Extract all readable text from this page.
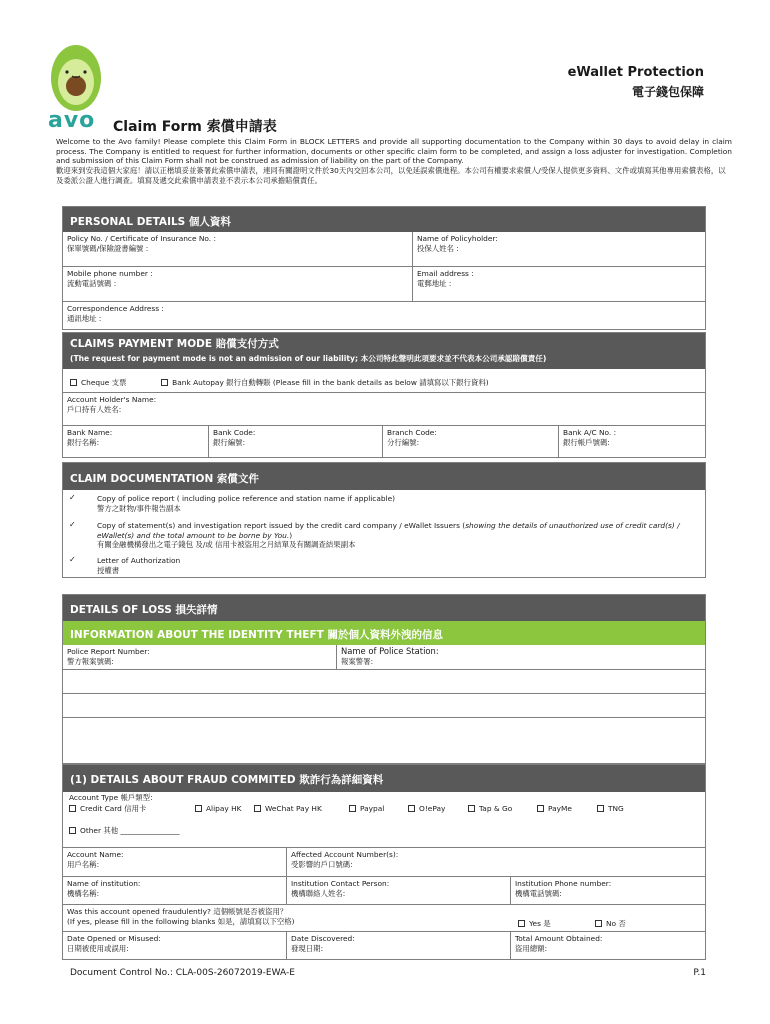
avo
eWallet Protection
電子錢包保障
Claim Form 索償申請表
Welcome to the Avo family! Please complete this Claim Form in BLOCK LETTERS and provide all supporting documentation to the Company within 30 days to avoid delay in claim process. The Company is entitled to request for further information, documents or other specific claim form to be completed, and assign a loss adjuster for investigation. Completion and submission of this Claim Form shall not be construed as admission of liability on the part of the Company.
歡迎來到安我這個大家庭！請以正楷填妥並簽署此索償申請表，連同有關證明文件於30天內交回本公司，以免延誤索償進程。本公司有權要求索償人/受保人提供更多資料、文件或填寫其他專用索償表格，以及委派公證人進行調查。填寫及遞交此索償申請表並不表示本公司承擔賠償責任。
PERSONAL DETAILS 個人資料
Policy No. / Certificate of Insurance No. :
保單號碼/保險證書編號 :
Name of Policyholder:
投保人姓名 :
Mobile phone number :
流動電話號碼 :
Email address :
電郵地址 :
Correspondence Address :
通訊地址 :
CLAIMS PAYMENT MODE 賠償支付方式
(The request for payment mode is not an admission of our liability; 本公司特此聲明此項要求並不代表本公司承認賠償責任)
Cheque 支票	Bank Autopay 銀行自動轉賬 (Please fill in the bank details as below 請填寫以下銀行資料)
Account Holder's Name:
戶口持有人姓名:
Bank Name:
銀行名稱:
Bank Code:
銀行編號:
Branch Code:
分行編號:
Bank A/C No. :
銀行帳戶號碼:
CLAIM DOCUMENTATION 索償文件
✓	Copy of police report ( including police reference and station name if applicable)
警方之財物/事件報告副本
✓	Copy of statement(s) and investigation report issued by the credit card company / eWallet Issuers (showing the details of unauthorized use of credit card(s) / eWallet(s) and the total amount to be borne by You.)
有關金融機構發出之電子錢包 及/或 信用卡被盜用之月結單及有關調查結果副本
✓	Letter of Authorization
授權書
DETAILS OF LOSS 損失詳情
INFORMATION ABOUT THE IDENTITY THEFT 關於個人資料外洩的信息
Police Report Number:
警方報案號碼:
Name of Police Station:
報案警署:
(1) DETAILS ABOUT FRAUD COMMITED 欺詐行為詳細資料
Account Type 帳戶類型:
Credit Card 信用卡	Alipay HK	WeChat Pay HK	Paypal	O!ePay	Tap & Go	PayMe	TNG
Other 其他 ________________
Account Name:
用戶名稱:
Affected Account Number(s):
受影響的戶口號碼:
Name of institution:
機構名稱:
Institution Contact Person:
機構聯絡人姓名:
Institution Phone number:
機構電話號碼:
Was this account opened fraudulently? 這個帳號是否被盜用？
(If yes, please fill in the following blanks 如是，請填寫以下空格)	Yes 是	No 否
Date Opened or Misused:
日期被使用或誤用:
Date Discovered:
發現日期:
Total Amount Obtained:
盜用總額:
Document Control No.: CLA-00S-26072019-EWA-E	P.1
